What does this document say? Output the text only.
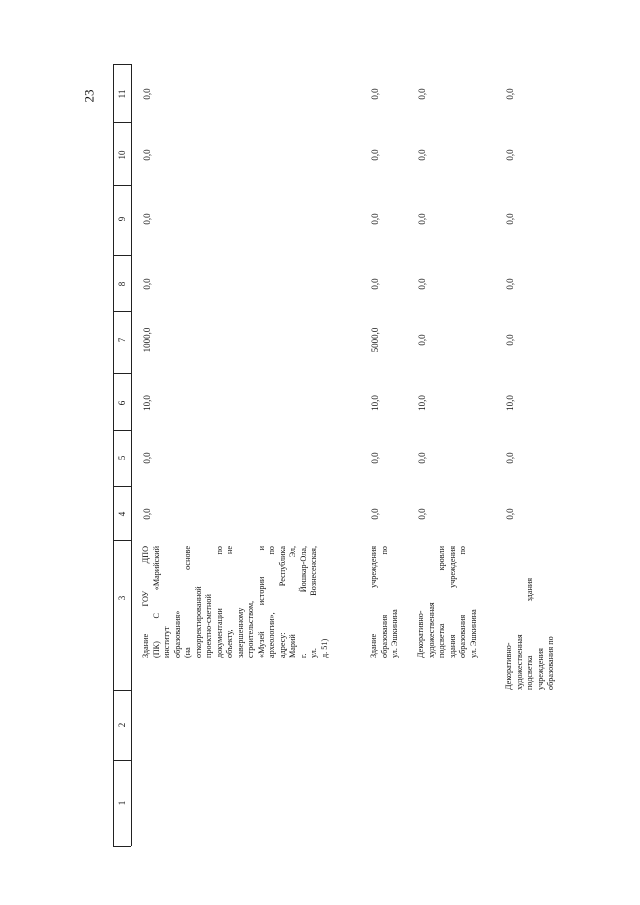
23
1
2
3
4
5
6
7
8
9
10
11
Здание ГОУ ДПО (ПК) С «Марийский институт образования» (на основе откорректированной проектно-сметной документации по объекту, не завершенному строительством, «Музей истории и археологии», по адресу: Республика Марий Эл, г. Йошкар-Ола, ул. Вознесенская, д. 51)
0,0
0,0
10,0
1000,0
0,0
0,0
0,0
0,0
Здание учреждения образования по ул. Эшкинина
0,0
0,0
10,0
5000,0
0,0
0,0
0,0
0,0
Декоративно- художественная подсветка кровли здания учреждения образования по ул. Эшкинина
0,0
0,0
10,0
0,0
0,0
0,0
0,0
0,0
Декоративно- художественная подсветка здания учреждения образования по
0,0
0,0
10,0
0,0
0,0
0,0
0,0
0,0
